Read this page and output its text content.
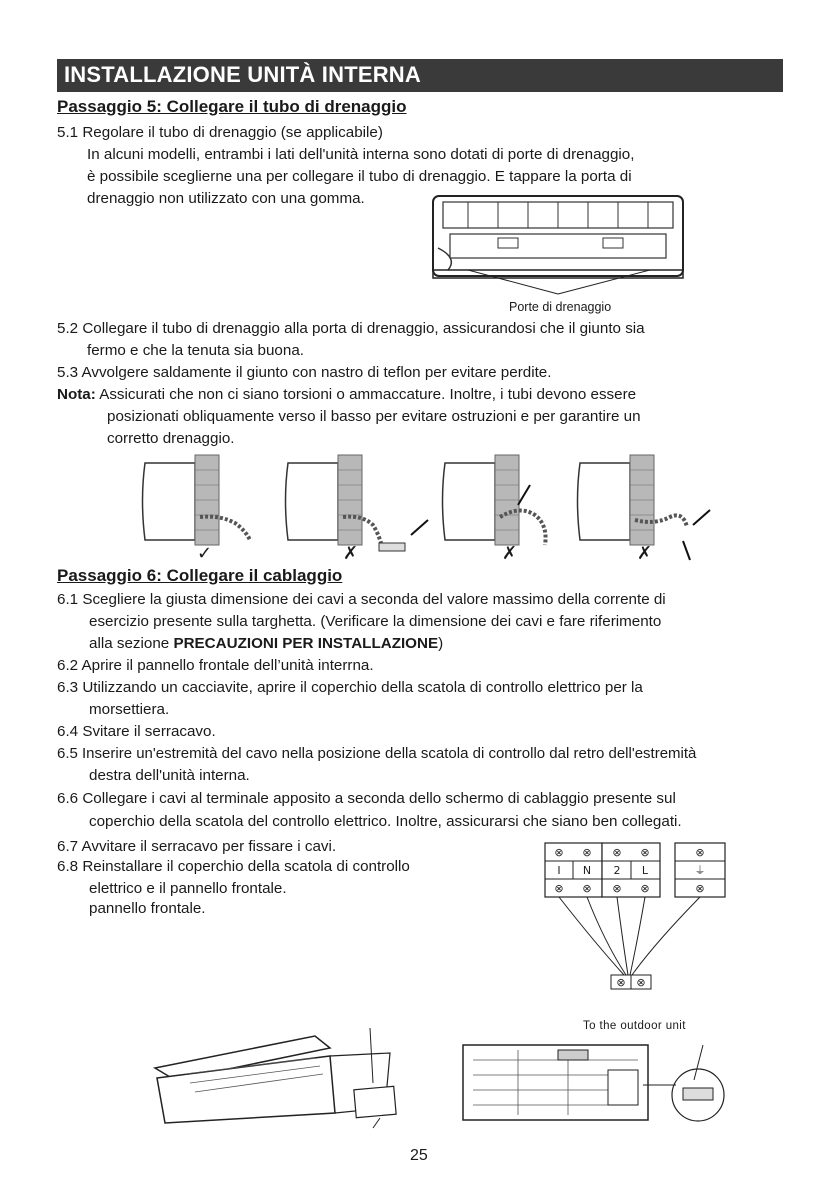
INSTALLAZIONE UNITÀ INTERNA
Passaggio 5: Collegare il tubo di drenaggio
5.1 Regolare il tubo di drenaggio (se applicabile)
In alcuni modelli, entrambi i lati dell'unità interna sono dotati di porte di drenaggio,
è possibile sceglierne una per collegare il tubo di drenaggio. E tappare la porta di
drenaggio non utilizzato con una gomma.
Porte di drenaggio
5.2 Collegare il tubo di drenaggio alla porta di drenaggio, assicurandosi che il giunto sia
fermo e che la tenuta sia buona.
5.3 Avvolgere saldamente il giunto con nastro di teflon per evitare perdite.
Nota: Assicurati che non ci siano torsioni o ammaccature. Inoltre, i tubi devono essere
posizionati obliquamente verso il basso per evitare ostruzioni e per garantire un
corretto drenaggio.
✓	✗	✗	✗
Passaggio 6: Collegare il cablaggio
6.1 Scegliere la giusta dimensione dei cavi a seconda del valore massimo della corrente di
esercizio presente sulla targhetta. (Verificare la dimensione dei cavi e fare riferimento
alla sezione PRECAUZIONI PER INSTALLAZIONE)
6.2 Aprire il pannello frontale dell’unità interrna.
6.3 Utilizzando un cacciavite, aprire il coperchio della scatola di controllo elettrico per la
morsettiera.
6.4 Svitare il serracavo.
6.5 Inserire un'estremità del cavo nella posizione della scatola di controllo dal retro dell'estremità
destra dell'unità interna.
6.6 Collegare i cavi al terminale apposito a seconda dello schermo di cablaggio presente sul
coperchio della scatola del controllo elettrico. Inoltre, assicurarsi che siano ben collegati.
6.7 Avvitare il serracavo per fissare i cavi.
6.8 Reinstallare il coperchio della scatola di controllo
elettrico e il pannello frontale.
pannello frontale.
⊗ ⊗ ⊗ ⊗	⊗
I N 2 L	⏚
⊗ ⊗ ⊗ ⊗	⊗
⊗ ⊗
To the outdoor unit
25
